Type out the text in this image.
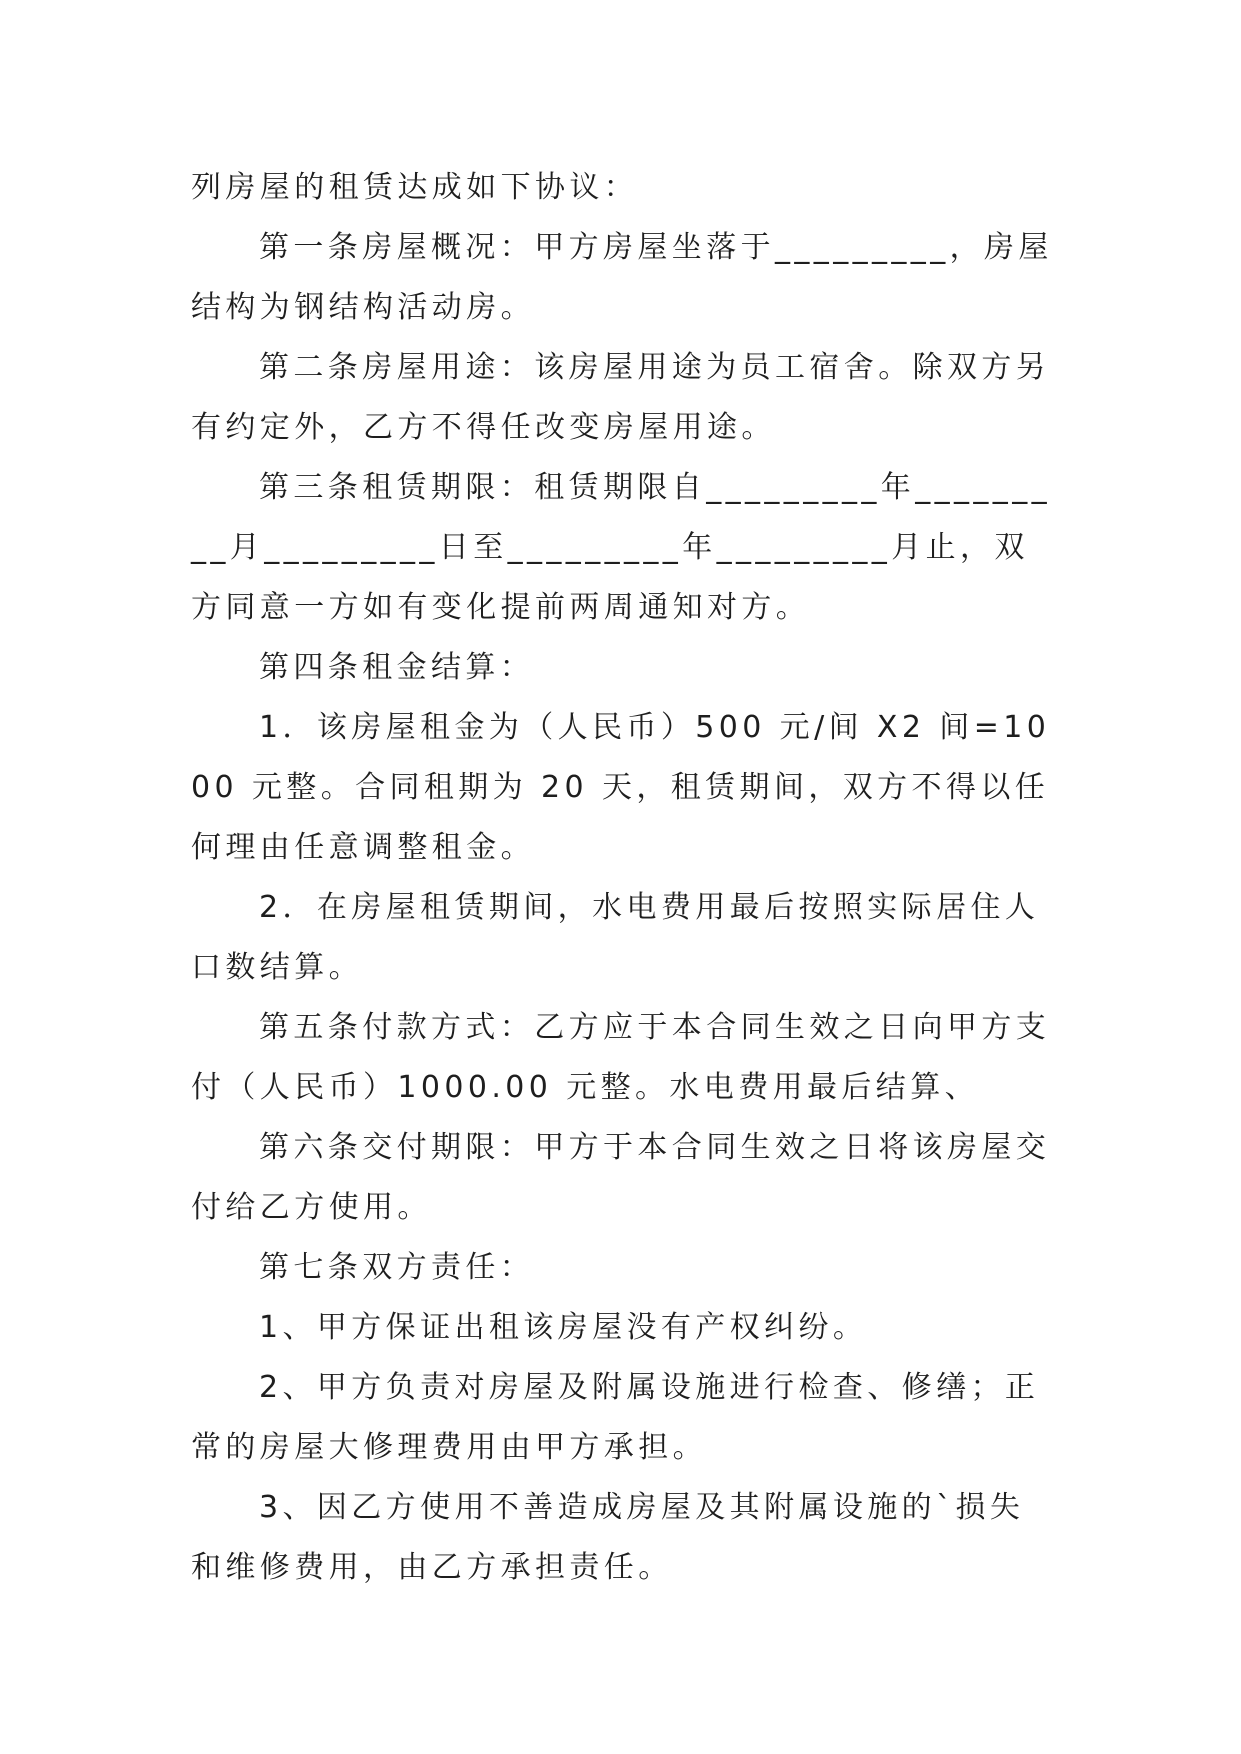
列房屋的租赁达成如下协议：

第一条房屋概况：甲方房屋坐落于_________，房屋结构为钢结构活动房。

第二条房屋用途：该房屋用途为员工宿舍。除双方另有约定外，乙方不得任改变房屋用途。

第三条租赁期限：租赁期限自_________年_________月_________日至_________年_________月止，双方同意一方如有变化提前两周通知对方。

第四条租金结算：

1．该房屋租金为（人民币）500 元/间 X2 间=1000 元整。合同租期为 20 天，租赁期间，双方不得以任何理由任意调整租金。

2．在房屋租赁期间，水电费用最后按照实际居住人口数结算。

第五条付款方式：乙方应于本合同生效之日向甲方支付（人民币）1000.00 元整。水电费用最后结算、

第六条交付期限：甲方于本合同生效之日将该房屋交付给乙方使用。

第七条双方责任：

1、甲方保证出租该房屋没有产权纠纷。

2、甲方负责对房屋及附属设施进行检查、修缮；正常的房屋大修理费用由甲方承担。

3、因乙方使用不善造成房屋及其附属设施的`损失和维修费用，由乙方承担责任。
